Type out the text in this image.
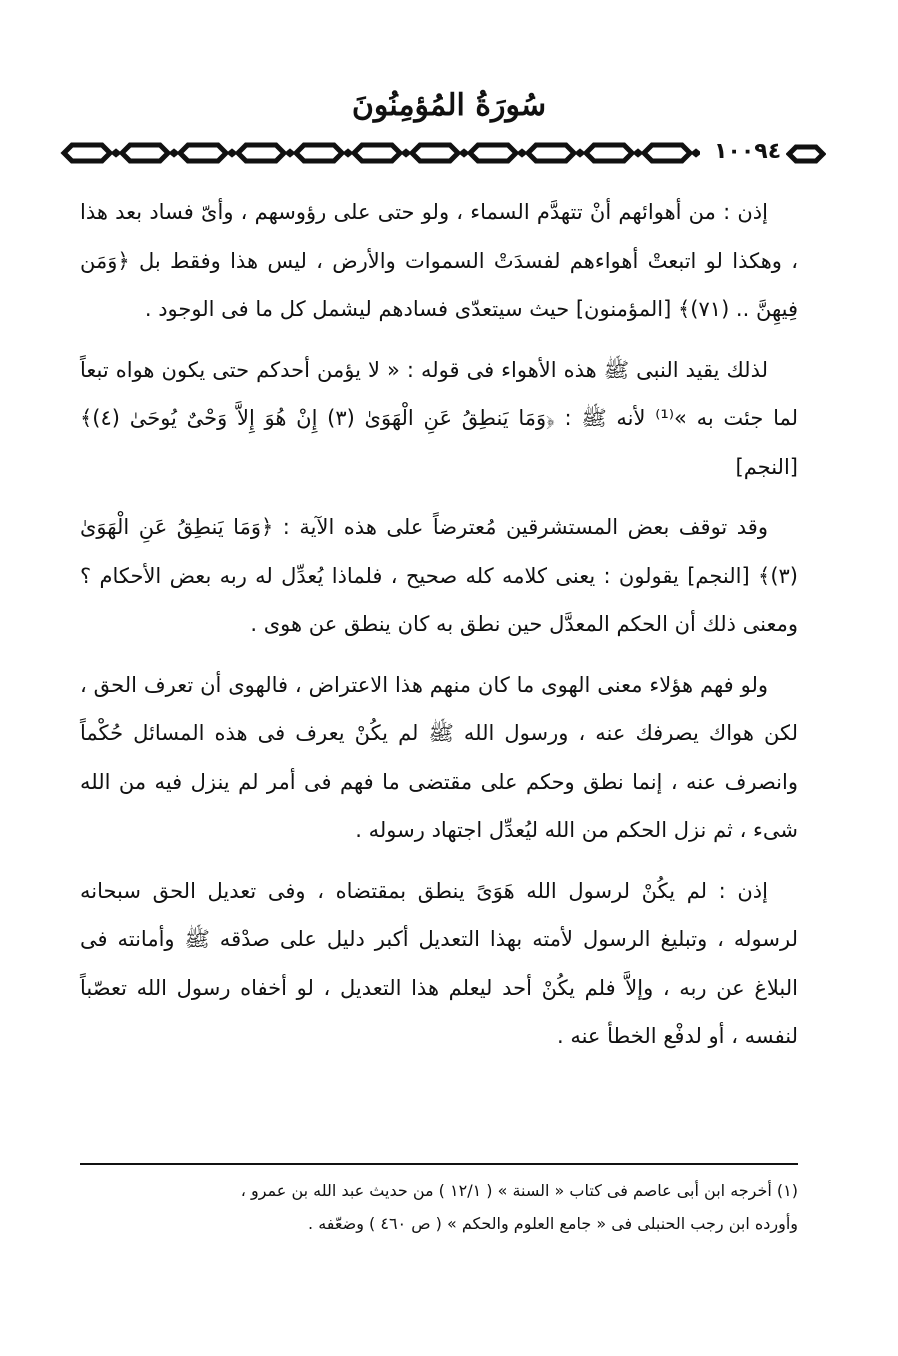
سُورَةُ المُؤمِنُونَ
١٠٠٩٤

إذن : من أهوائهم أنْ تتهدَّم السماء ، ولو حتى على رؤوسهم ، وأىّ فساد بعد هذا ، وهكذا لو اتبعتْ أهواءهم لفسدَتْ السموات والأرض ، ليس هذا وفقط بل ﴿وَمَن فِيهِنَّ .. (٧١)﴾ [المؤمنون] حيث سيتعدّى فسادهم ليشمل كل ما فى الوجود .

لذلك يقيد النبى ﷺ هذه الأهواء فى قوله : « لا يؤمن أحدكم حتى يكون هواه تبعاً لما جئت به »⁽¹⁾ لأنه ﷺ : ﴿وَمَا يَنطِقُ عَنِ الْهَوَىٰ (٣) إِنْ هُوَ إِلاَّ وَحْىٌ يُوحَىٰ (٤)﴾ [النجم]

وقد توقف بعض المستشرقين مُعترضاً على هذه الآية : ﴿وَمَا يَنطِقُ عَنِ الْهَوَىٰ (٣)﴾ [النجم] يقولون : يعنى كلامه كله صحيح ، فلماذا يُعدِّل له ربه بعض الأحكام ؟ ومعنى ذلك أن الحكم المعدَّل حين نطق به كان ينطق عن هوى .

ولو فهم هؤلاء معنى الهوى ما كان منهم هذا الاعتراض ، فالهوى أن تعرف الحق ، لكن هواك يصرفك عنه ، ورسول الله ﷺ لم يكُنْ يعرف فى هذه المسائل حُكْماً وانصرف عنه ، إنما نطق وحكم على مقتضى ما فهم فى أمر لم ينزل فيه من الله شىء ، ثم نزل الحكم من الله ليُعدِّل اجتهاد رسوله .

إذن : لم يكُنْ لرسول الله هَوَىً ينطق بمقتضاه ، وفى تعديل الحق سبحانه لرسوله ، وتبليغ الرسول لأمته بهذا التعديل أكبر دليل على صدْقه ﷺ وأمانته فى البلاغ عن ربه ، وإلاَّ فلم يكُنْ أحد ليعلم هذا التعديل ، لو أخفاه رسول الله تعصّباً لنفسه ، أو لدفْع الخطأ عنه .

(١) أخرجه ابن أبى عاصم فى كتاب « السنة » ( ١٢/١ ) من حديث عبد الله بن عمرو ،
وأورده ابن رجب الحنبلى فى « جامع العلوم والحكم » ( ص ٤٦٠ ) وضعّفه .
